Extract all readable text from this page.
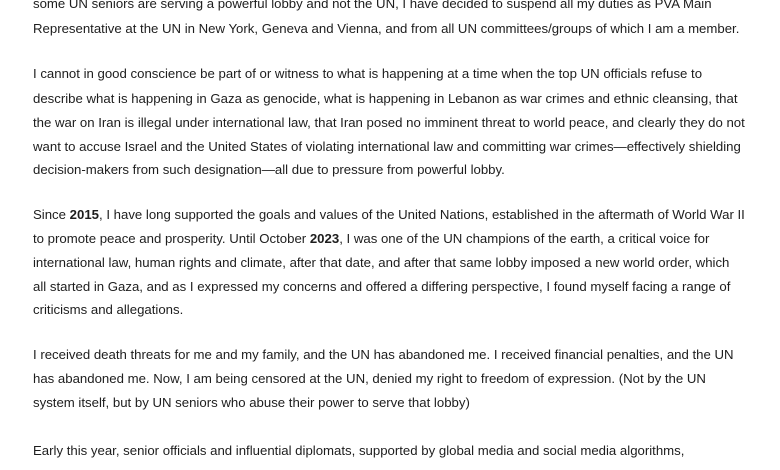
some UN seniors are serving a powerful lobby and not the UN, I have decided to suspend all my duties as PVA Main
Representative at the UN in New York, Geneva and Vienna, and from all UN committees/groups of which I am a member.
I cannot in good conscience be part of or witness to what is happening at a time when the top UN officials refuse to
describe what is happening in Gaza as genocide, what is happening in Lebanon as war crimes and ethnic cleansing, that
the war on Iran is illegal under international law, that Iran posed no imminent threat to world peace, and clearly they do not
want to accuse Israel and the United States of violating international law and committing war crimes—effectively shielding
decision-makers from such designation—all due to pressure from powerful lobby.
Since 2015, I have long supported the goals and values of the United Nations, established in the aftermath of World War II
to promote peace and prosperity. Until October 2023, I was one of the UN champions of the earth, a critical voice for
international law, human rights and climate, after that date, and after that same lobby imposed a new world order, which
all started in Gaza, and as I expressed my concerns and offered a differing perspective, I found myself facing a range of
criticisms and allegations.
I received death threats for me and my family, and the UN has abandoned me. I received financial penalties, and the UN
has abandoned me. Now, I am being censored at the UN, denied my right to freedom of expression. (Not by the UN
system itself, but by UN seniors who abuse their power to serve that lobby)
Early this year, senior officials and influential diplomats, supported by global media and social media algorithms,
